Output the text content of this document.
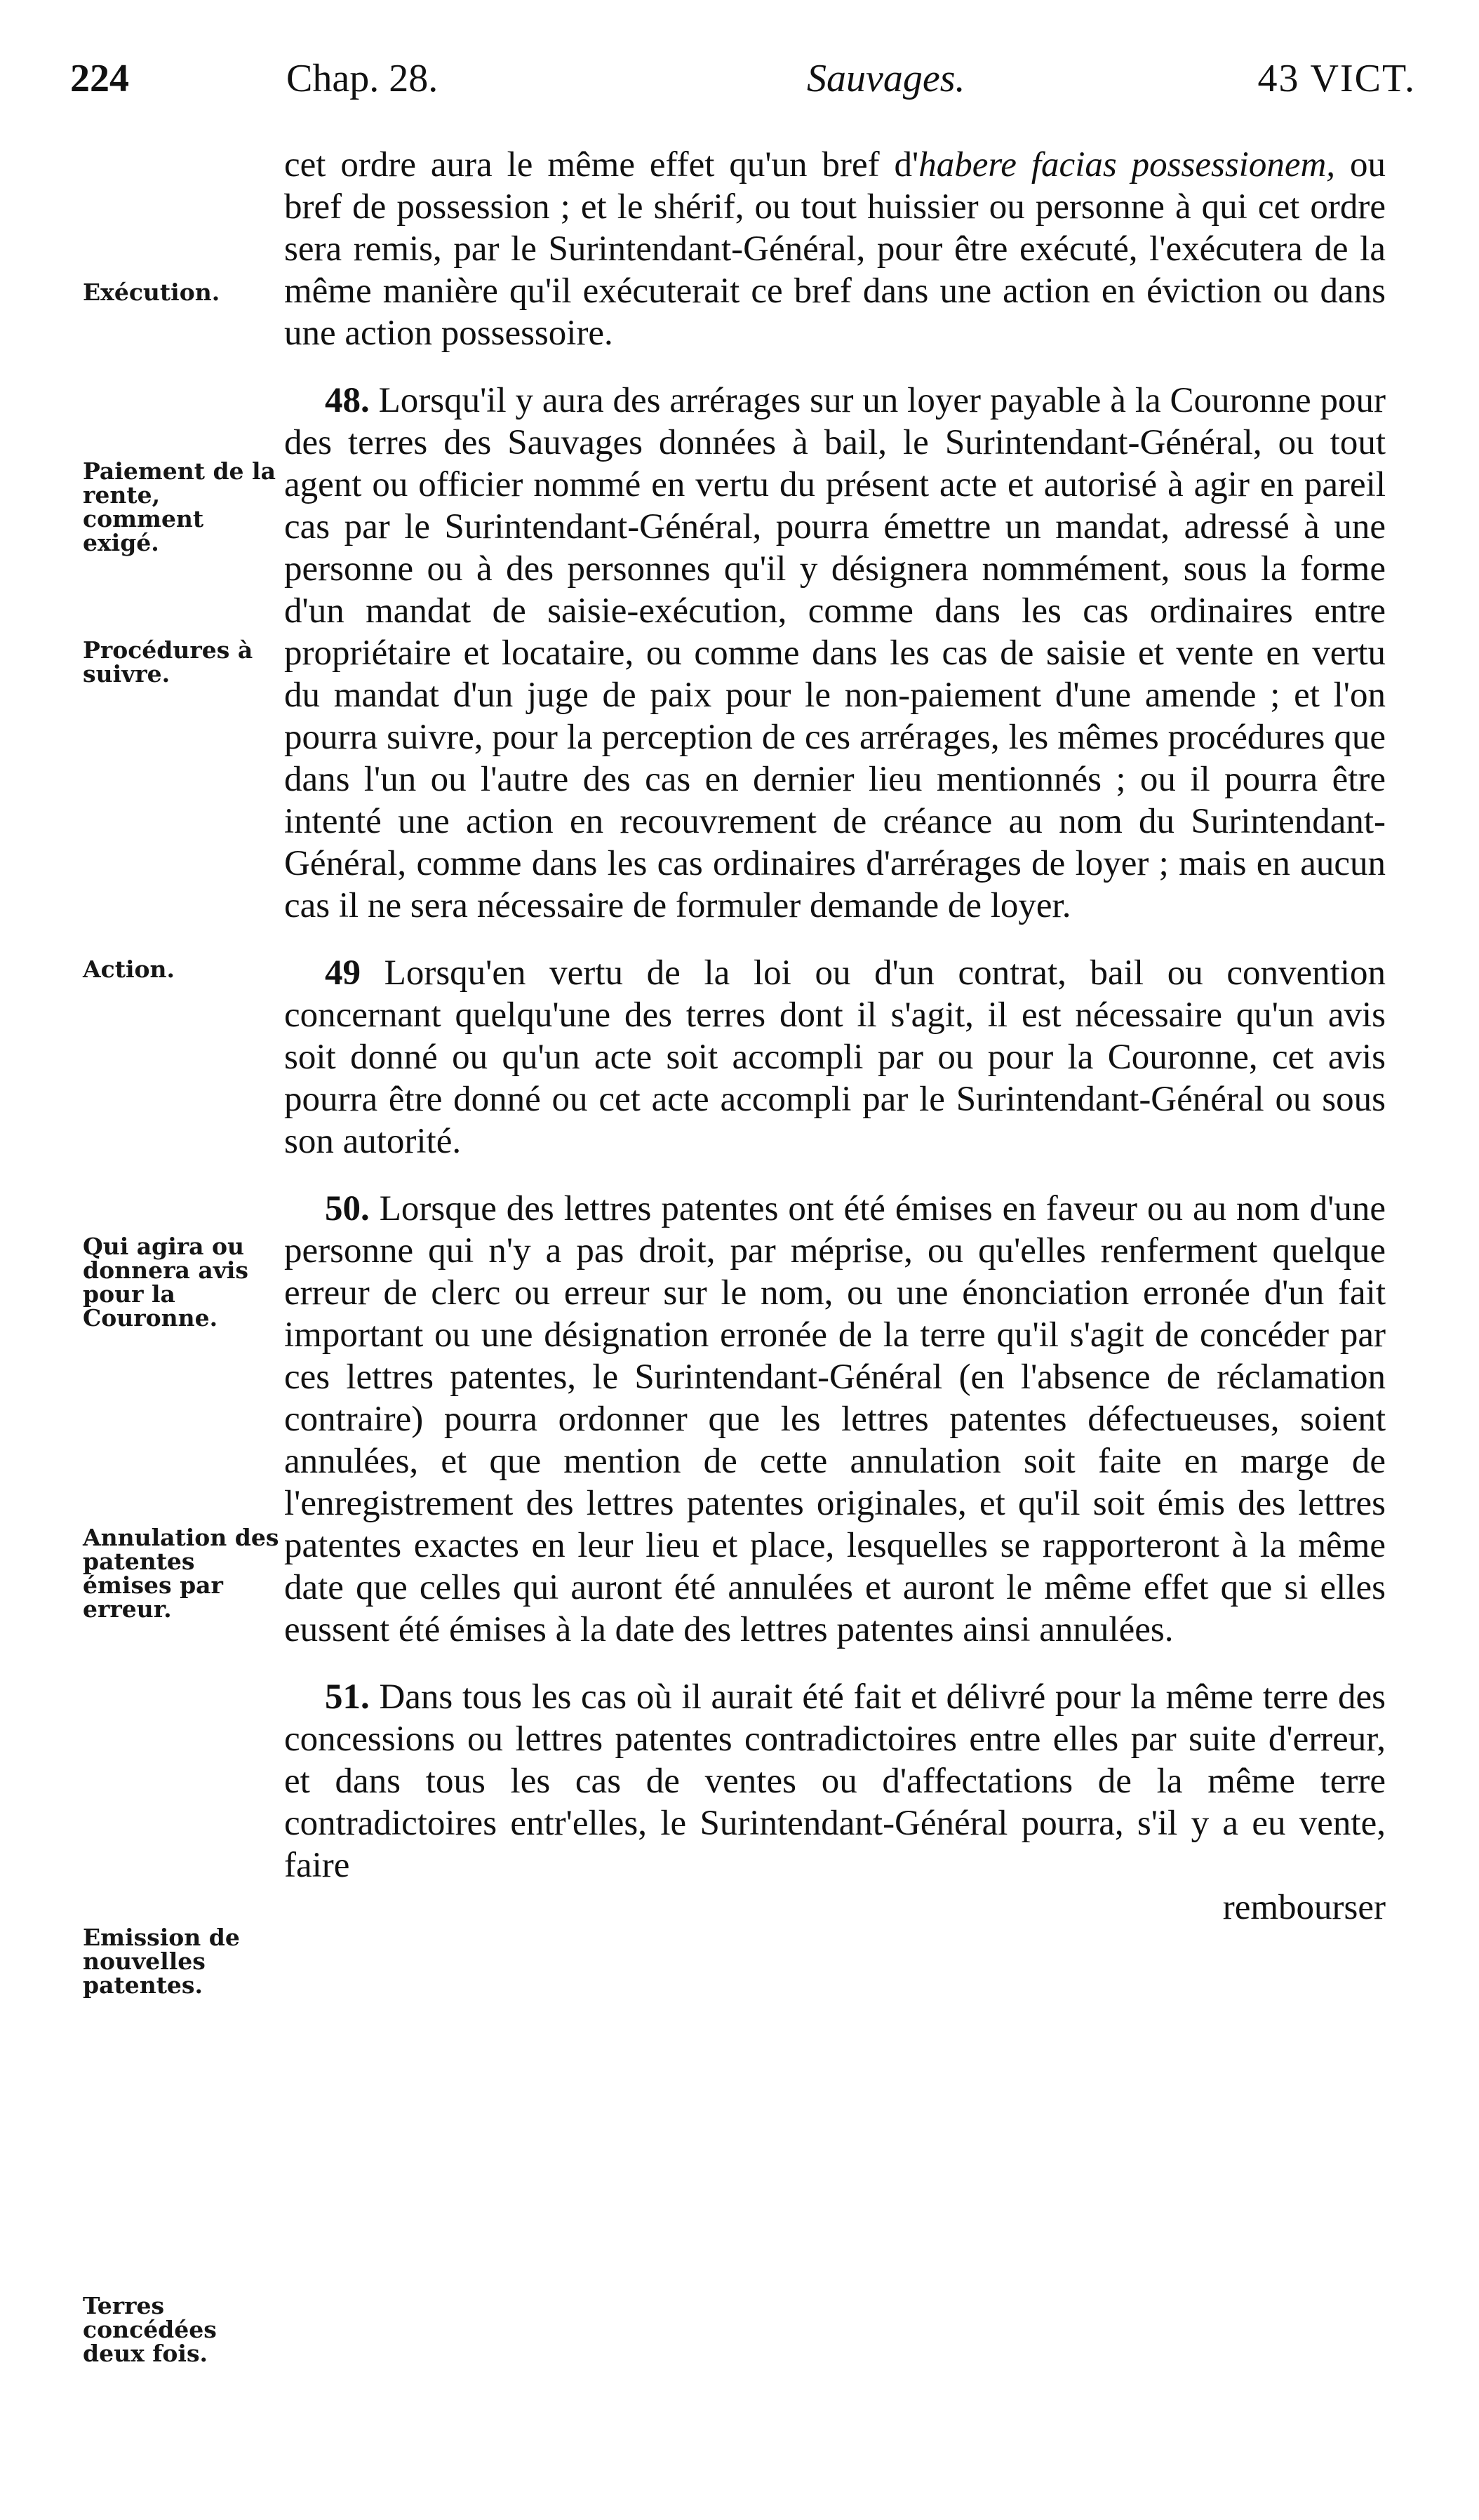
224	Chap. 28.	Sauvages.	43 VICT.
Exécution.
Paiement de la rente, comment exigé.
Procédures à suivre.
Action.
Qui agira ou donnera avis pour la Couronne.
Annulation des patentes émises par erreur.
Emission de nouvelles patentes.
Terres concédées deux fois.

cet ordre aura le même effet qu'un bref d'habere facias possessionem, ou bref de possession ; et le shérif, ou tout huissier ou personne à qui cet ordre sera remis, par le Surintendant-Général, pour être exécuté, l'exécutera de la même manière qu'il exécuterait ce bref dans une action en éviction ou dans une action possessoire.

48. Lorsqu'il y aura des arrérages sur un loyer payable à la Couronne pour des terres des Sauvages données à bail, le Surintendant-Général, ou tout agent ou officier nommé en vertu du présent acte et autorisé à agir en pareil cas par le Surintendant-Général, pourra émettre un mandat, adressé à une personne ou à des personnes qu'il y désignera nommément, sous la forme d'un mandat de saisie-exécution, comme dans les cas ordinaires entre propriétaire et locataire, ou comme dans les cas de saisie et vente en vertu du mandat d'un juge de paix pour le non-paiement d'une amende ; et l'on pourra suivre, pour la perception de ces arrérages, les mêmes procédures que dans l'un ou l'autre des cas en dernier lieu mentionnés ; ou il pourra être intenté une action en recouvrement de créance au nom du Surintendant-Général, comme dans les cas ordinaires d'arrérages de loyer ; mais en aucun cas il ne sera nécessaire de formuler demande de loyer.

49 Lorsqu'en vertu de la loi ou d'un contrat, bail ou convention concernant quelqu'une des terres dont il s'agit, il est nécessaire qu'un avis soit donné ou qu'un acte soit accompli par ou pour la Couronne, cet avis pourra être donné ou cet acte accompli par le Surintendant-Général ou sous son autorité.

50. Lorsque des lettres patentes ont été émises en faveur ou au nom d'une personne qui n'y a pas droit, par méprise, ou qu'elles renferment quelque erreur de clerc ou erreur sur le nom, ou une énonciation erronée d'un fait important ou une désignation erronée de la terre qu'il s'agit de concéder par ces lettres patentes, le Surintendant-Général (en l'absence de réclamation contraire) pourra ordonner que les lettres patentes défectueuses, soient annulées, et que mention de cette annulation soit faite en marge de l'enregistrement des lettres patentes originales, et qu'il soit émis des lettres patentes exactes en leur lieu et place, lesquelles se rapporteront à la même date que celles qui auront été annulées et auront le même effet que si elles eussent été émises à la date des lettres patentes ainsi annulées.

51. Dans tous les cas où il aurait été fait et délivré pour la même terre des concessions ou lettres patentes contradictoires entre elles par suite d'erreur, et dans tous les cas de ventes ou d'affectations de la même terre contradictoires entr'elles, le Surintendant-Général pourra, s'il y a eu vente, faire

rembourser
